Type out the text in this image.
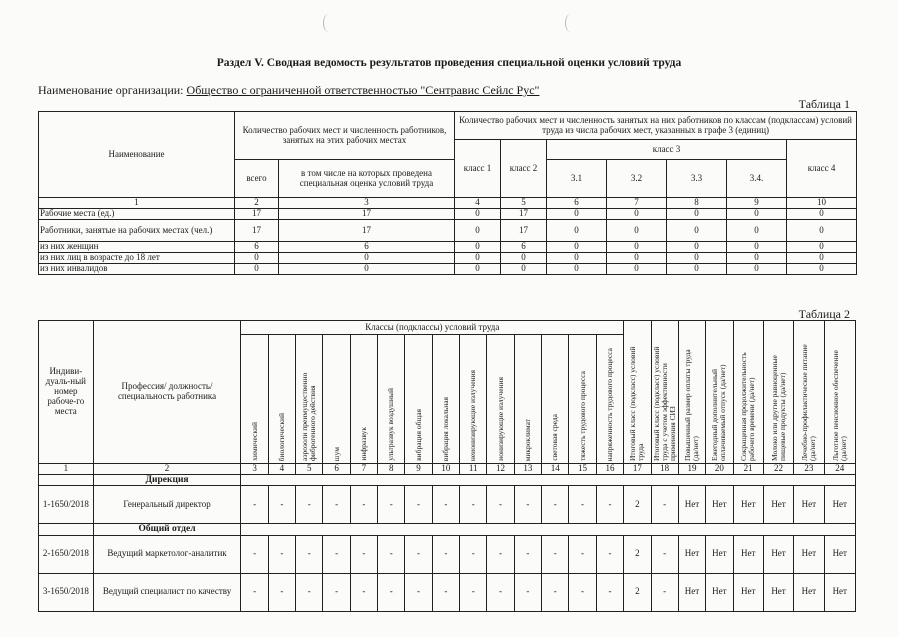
Раздел V. Сводная ведомость результатов проведения специальной оценки условий труда
Наименование организации: Общество с ограниченной ответственностью "Сентравис Сейлс Рус"
Таблица 1
Наименование	Количество рабочих мест и численность работников, занятых на этих рабочих местах		Количество рабочих мест и численность занятых на них работников по классам (подклассам) условий труда из числа рабочих мест, указанных в графе 3 (единиц)						
			класс 1	класс 2	класс 3				класс 4
	всего	в том числе на которых проведена специальная оценка условий труда			3.1	3.2	3.3	3.4.	
1	2	3	4	5	6	7	8	9	10
Рабочие места (ед.)	17	17	0	17	0	0	0	0	0
Работники, занятые на рабочих местах (чел.)	17	17	0	17	0	0	0	0	0
из них женщин	6	6	0	6	0	0	0	0	0
из них лиц в возрасте до 18 лет	0	0	0	0	0	0	0	0	0
из них инвалидов	0	0	0	0	0	0	0	0	0
Таблица 2
Индиви-дуаль-ный номер рабоче-го места	Профессия/ должность/ специальность работника	Классы (подклассы) условий труда														Итоговый класс (подкласс) условий труда	Итоговый класс (подкласс) условий труда с учетом эффективности применения СИЗ	Повышенный размер оплаты труда (да/нет)	Ежегодный дополнительный оплачиваемый отпуск (да/нет)	Сокращенная продолжительность рабочего времени (да/нет)	Молоко или другие равноценные пищевые продукты (да/нет)	Лечебно-профилактическое питание (да/нет)	Льготное пенсионное обеспечение (да/нет)

		химический	биологический	аэрозоли преимущественно фиброгенного действия	шум	инфразвук	ультразвук воздушный	вибрация общая	вибрация локальная	неионизирующие излучения	ионизирующие излучения	микроклимат	световая среда	тяжесть трудового процесса	напряженность трудового процесса								

1	2	3	4	5	6	7	8	9	10	11	12	13	14	15	16	17	18	19	20	21	22	23	24
	Дирекция																						
1-1650/2018	Генеральный директор	-	-	-	-	-	-	-	-	-	-	-	-	-	-	2	-	Нет	Нет	Нет	Нет	Нет	Нет
	Общий отдел																						
2-1650/2018	Ведущий маркетолог-аналитик	-	-	-	-	-	-	-	-	-	-	-	-	-	-	2	-	Нет	Нет	Нет	Нет	Нет	Нет
3-1650/2018	Ведущий специалист по качеству	-	-	-	-	-	-	-	-	-	-	-	-	-	-	2	-	Нет	Нет	Нет	Нет	Нет	Нет
